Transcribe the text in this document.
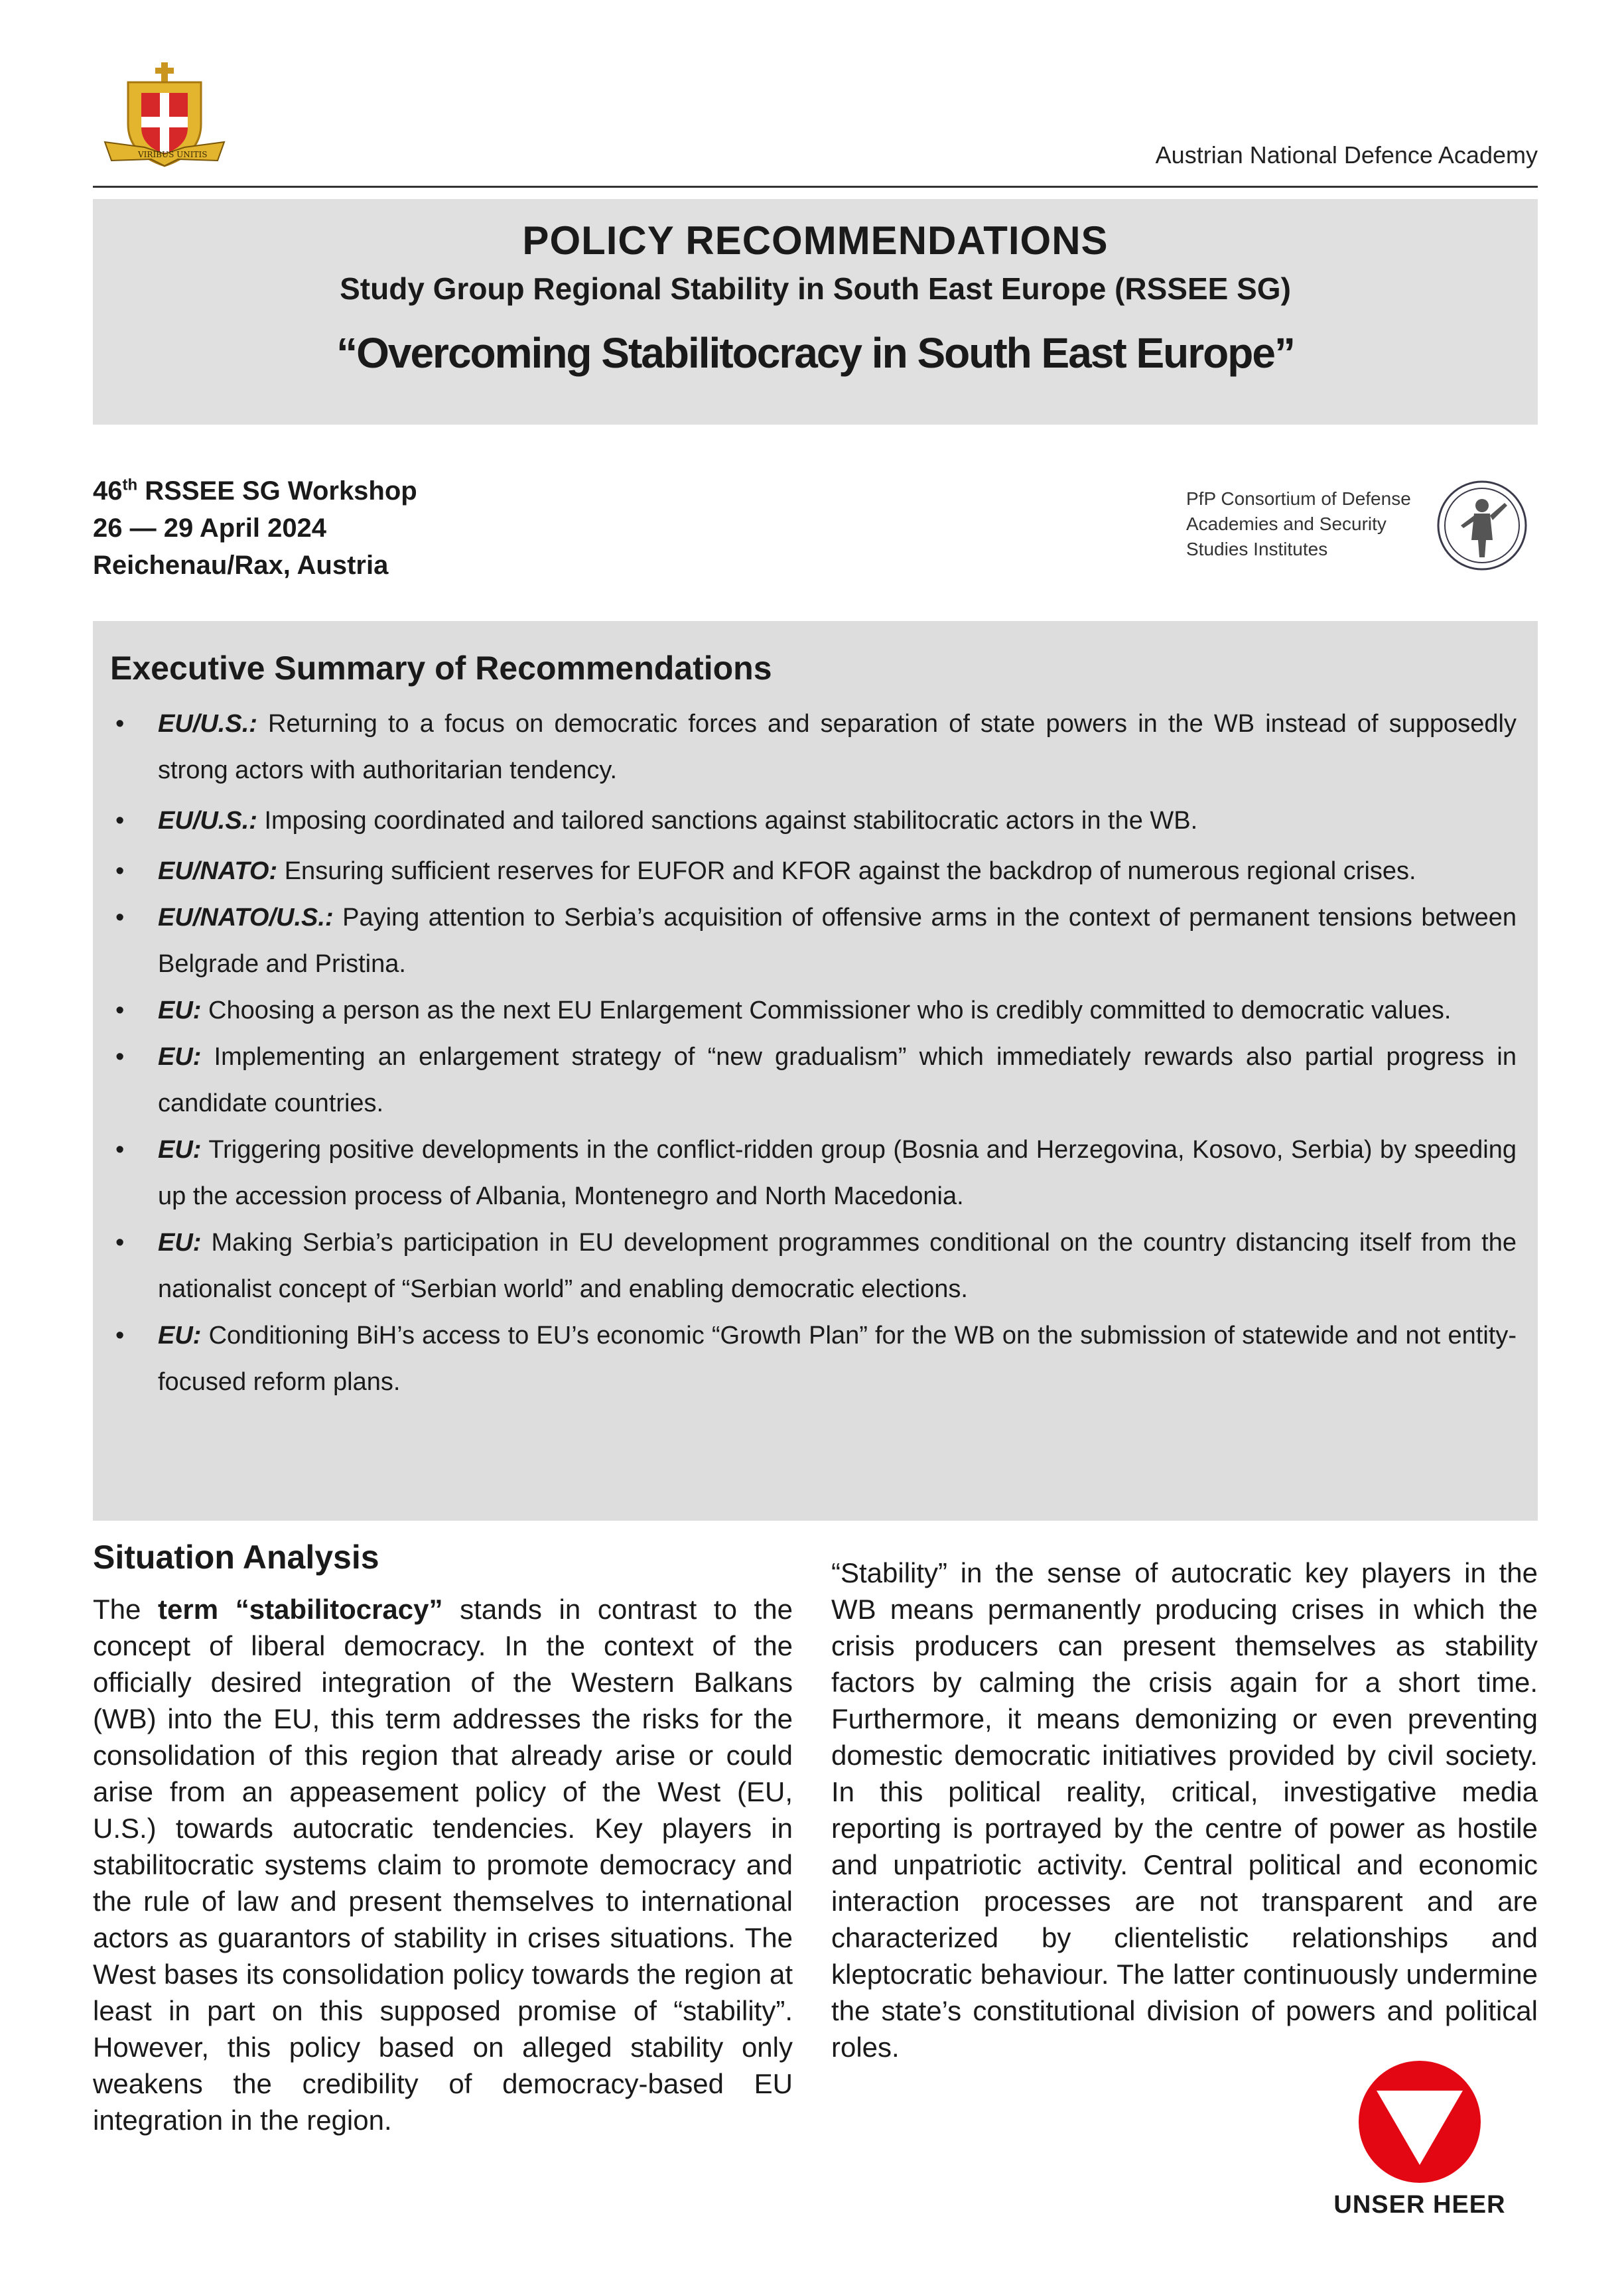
VIRIBUS UNITIS	Austrian National Defence Academy
POLICY RECOMMENDATIONS
Study Group Regional Stability in South East Europe (RSSEE SG)
“Overcoming Stabilitocracy in South East Europe”
46th RSSEE SG Workshop
26 — 29 April 2024
Reichenau/Rax, Austria
PfP Consortium of Defense
Academies and Security
Studies Institutes
Executive Summary of Recommendations
• EU/U.S.: Returning to a focus on democratic forces and separation of state powers in the WB instead of supposedly strong actors with authoritarian tendency.
• EU/U.S.: Imposing coordinated and tailored sanctions against stabilitocratic actors in the WB.
• EU/NATO: Ensuring sufficient reserves for EUFOR and KFOR against the backdrop of numerous regional crises.
• EU/NATO/U.S.: Paying attention to Serbia’s acquisition of offensive arms in the context of permanent tensions between Belgrade and Pristina.
• EU: Choosing a person as the next EU Enlargement Commissioner who is credibly committed to democratic values.
• EU: Implementing an enlargement strategy of “new gradualism” which immediately rewards also partial progress in candidate countries.
• EU: Triggering positive developments in the conflict-ridden group (Bosnia and Herzegovina, Kosovo, Serbia) by speeding up the accession process of Albania, Montenegro and North Macedonia.
• EU: Making Serbia’s participation in EU development programmes conditional on the country distancing itself from the nationalist concept of “Serbian world” and enabling democratic elections.
• EU: Conditioning BiH’s access to EU’s economic “Growth Plan” for the WB on the submission of statewide and not entity-focused reform plans.
Situation Analysis
The term “stabilitocracy” stands in contrast to the concept of liberal democracy. In the context of the officially desired integration of the Western Balkans (WB) into the EU, this term addresses the risks for the consolidation of this region that already arise or could arise from an appeasement policy of the West (EU, U.S.) towards autocratic tendencies. Key players in stabilitocratic systems claim to promote democracy and the rule of law and present themselves to international actors as guarantors of stability in crises situations. The West bases its consolidation policy towards the region at least in part on this supposed promise of “stability”. However, this policy based on alleged stability only weakens the credibility of democracy-based EU integration in the region.
“Stability” in the sense of autocratic key players in the WB means permanently producing crises in which the crisis producers can present themselves as stability factors by calming the crisis again for a short time. Furthermore, it means demonizing or even preventing domestic democratic initiatives provided by civil society. In this political reality, critical, investigative media reporting is portrayed by the centre of power as hostile and unpatriotic activity. Central political and economic interaction processes are not transparent and are characterized by clientelistic relationships and kleptocratic behaviour. The latter continuously undermine the state’s constitutional division of powers and political roles.
UNSER HEER
